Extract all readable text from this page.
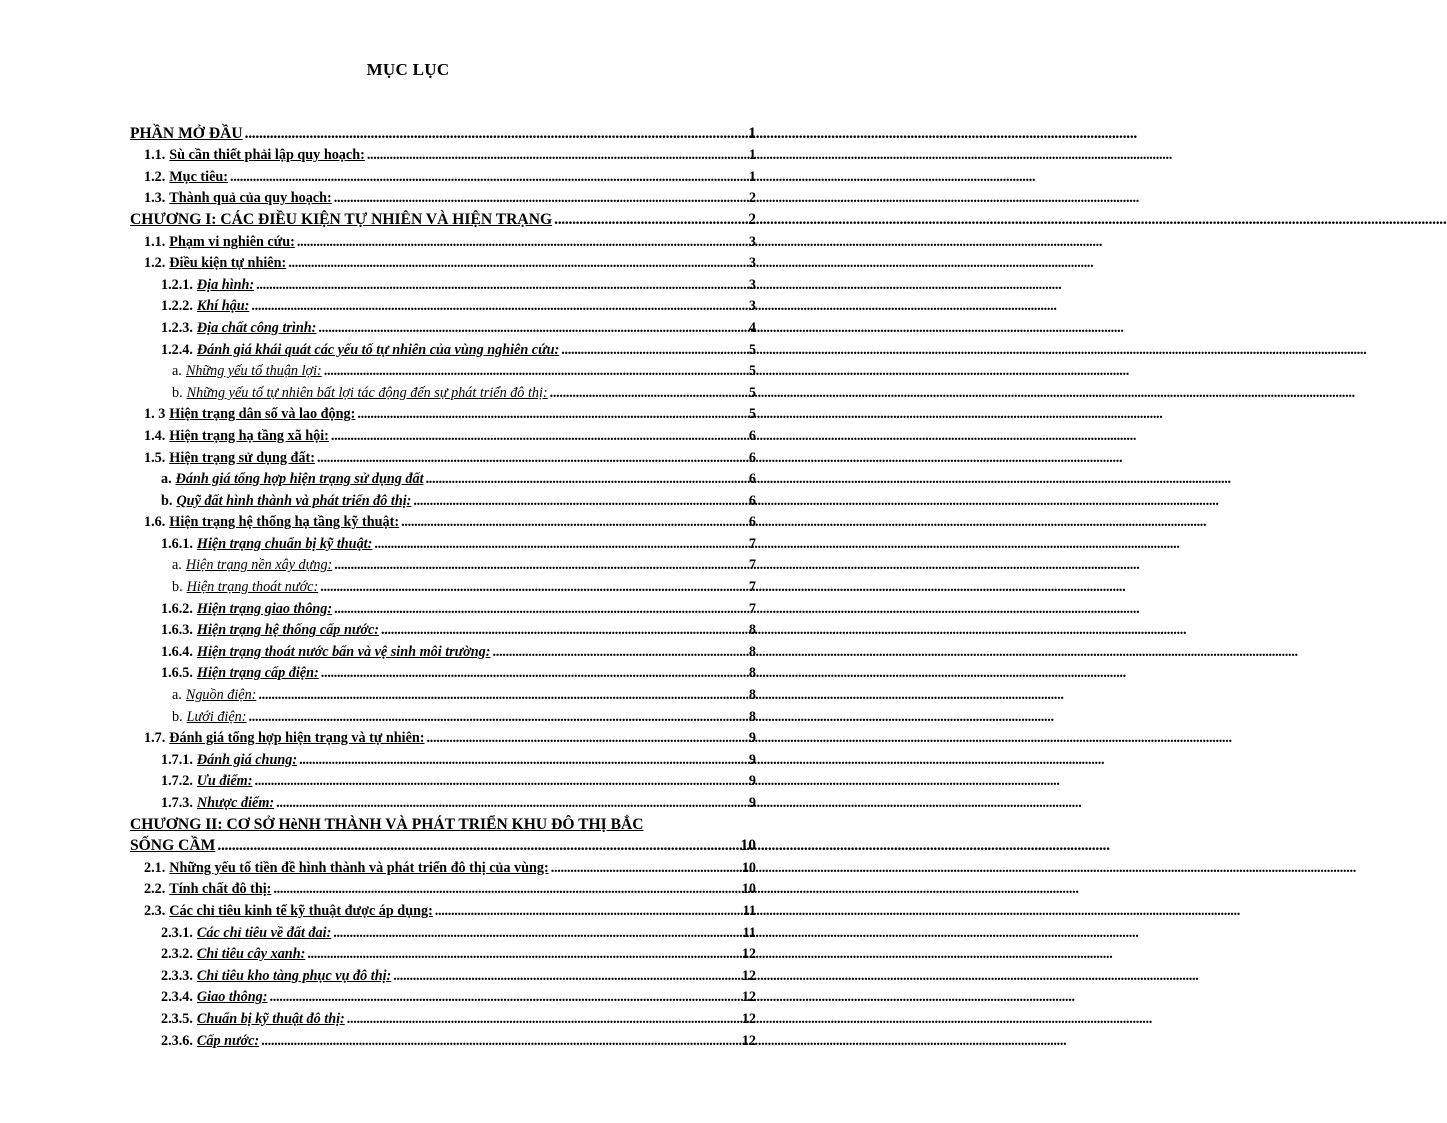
MỤC LỤC
PHẦN MỞ ĐẦU .....	1
1.1. Sù cần thiết phải lập quy hoạch: .....	1
1.2. Mục tiêu: .....	1
1.3. Thành quả của quy hoạch: .....	2
CHƯƠNG I: CÁC ĐIỀU KIỆN TỰ NHIÊN VÀ HIỆN TRẠNG .....	2
1.1. Phạm vi nghiên cứu: .....	3
1.2. Điều kiện tự nhiên: .....	3
1.2.1. Địa hình: .....	3
1.2.2. Khí hậu: .....	3
1.2.3. Địa chất công trình: .....	4
1.2.4. Đánh giá khái quát các yếu tố tự nhiên của vùng nghiên cứu: .....	5
a. Những yếu tố thuận lợi: .....	5
b. Những yếu tố tự nhiên bất lợi tác động đến sự phát triển đô thị: .....	5
1. 3 Hiện trạng dân số và lao động: .....	5
1.4. Hiện trạng hạ tầng xã hội: .....	6
1.5. Hiện trạng sử dụng đất: .....	6
a. Đánh giá tổng hợp hiện trạng sử dụng đất .....	6
b. Quỹ đất hình thành và phát triển đô thị: .....	6
1.6. Hiện trạng hệ thống hạ tầng kỹ thuật: .....	6
1.6.1. Hiện trạng chuẩn bị kỹ thuật: .....	7
a. Hiện trạng nền xây dựng: .....	7
b. Hiện trạng thoát nước: .....	7
1.6.2. Hiện trạng giao thông: .....	7
1.6.3. Hiện trạng hệ thống cấp nước: .....	8
1.6.4. Hiện trạng thoát nước bẩn và vệ sinh môi trường: .....	8
1.6.5. Hiện trạng cấp điện: .....	8
a. Nguồn điện: .....	8
b. Lưới điện: .....	8
1.7. Đánh giá tổng hợp hiện trạng và tự nhiên: .....	9
1.7.1. Đánh giá chung: .....	9
1.7.2. Ưu điểm: .....	9
1.7.3. Nhược điểm: .....	9
CHƯƠNG II: CƠ SỞ HèNH THÀNH VÀ PHÁT TRIỂN KHU ĐÔ THỊ BẮC
SỐNG CẦM .....	10
2.1. Những yếu tố tiền đề hình thành và phát triển đô thị của vùng: .....	10
2.2. Tính chất đô thị: .....	10
2.3. Các chỉ tiêu kinh tế kỹ thuật được áp dụng: .....	11
2.3.1. Các chỉ tiêu về đất đai: .....	11
2.3.2. Chỉ tiêu cây xanh: .....	12
2.3.3. Chỉ tiêu kho tàng phục vụ đô thị: .....	12
2.3.4. Giao thông: .....	12
2.3.5. Chuẩn bị kỹ thuật đô thị: .....	12
2.3.6. Cấp nước: .....	12
